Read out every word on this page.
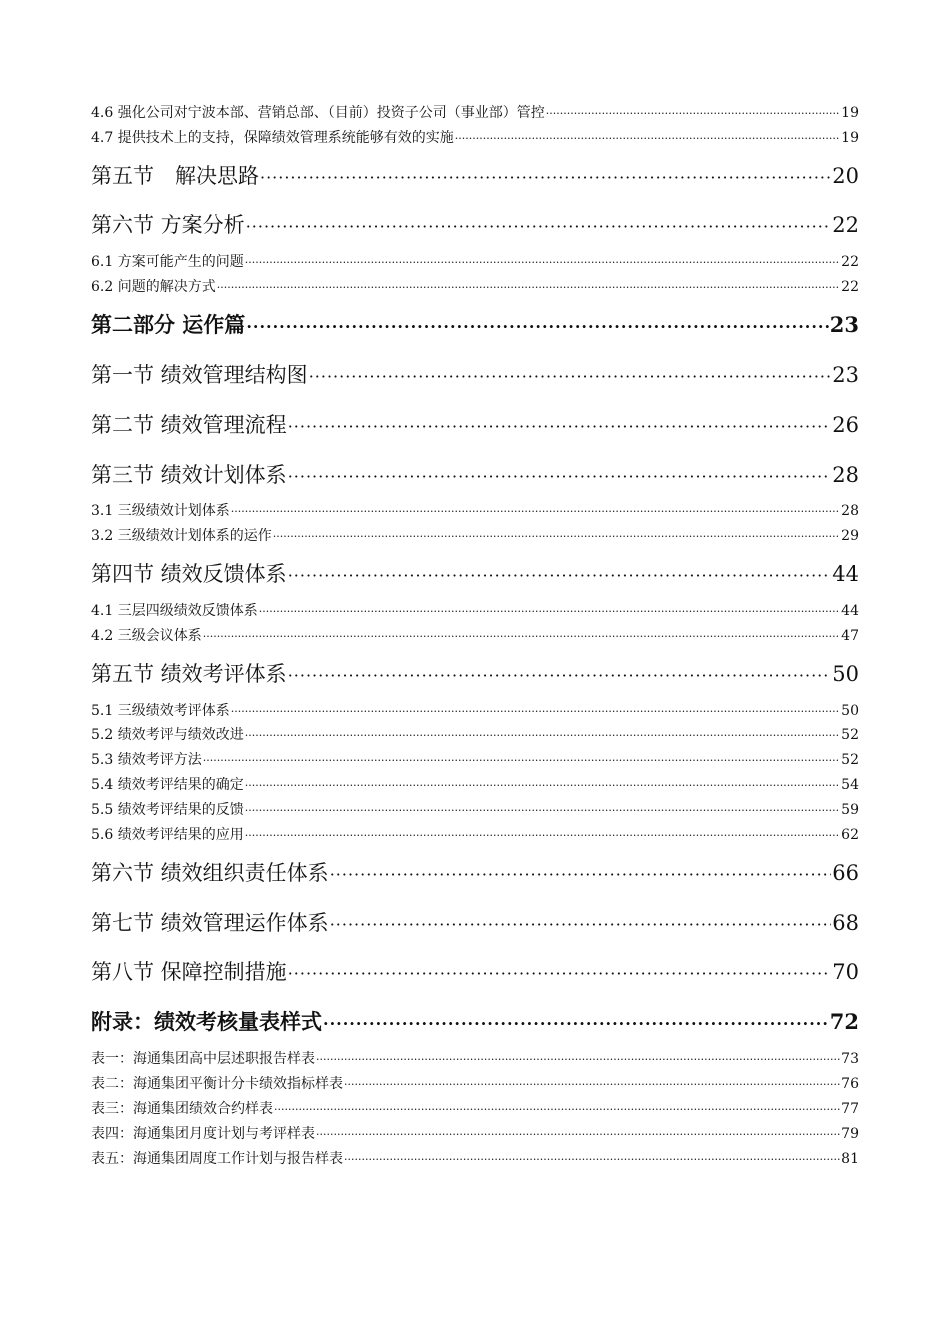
4.6 强化公司对宁波本部、营销总部、（目前）投资子公司（事业部）管控 ·····	19
4.7 提供技术上的支持，保障绩效管理系统能够有效的实施 ·····	19
第五节　解决思路 ·····	20
第六节 方案分析 ·····	22
6.1 方案可能产生的问题 ·····	22
6.2 问题的解决方式 ·····	22
第二部分 运作篇 ·····	23
第一节 绩效管理结构图 ·····	23
第二节 绩效管理流程 ·····	26
第三节 绩效计划体系 ·····	28
3.1 三级绩效计划体系 ·····	28
3.2 三级绩效计划体系的运作 ·····	29
第四节 绩效反馈体系 ·····	44
4.1 三层四级绩效反馈体系 ·····	44
4.2 三级会议体系 ·····	47
第五节 绩效考评体系 ·····	50
5.1 三级绩效考评体系 ·····	50
5.2 绩效考评与绩效改进 ·····	52
5.3 绩效考评方法 ·····	52
5.4 绩效考评结果的确定 ·····	54
5.5 绩效考评结果的反馈 ·····	59
5.6 绩效考评结果的应用 ·····	62
第六节 绩效组织责任体系 ·····	66
第七节 绩效管理运作体系 ·····	68
第八节 保障控制措施 ·····	70
附录：绩效考核量表样式 ·····	72
表一：海通集团高中层述职报告样表 ·····	73
表二：海通集团平衡计分卡绩效指标样表 ·····	76
表三：海通集团绩效合约样表 ·····	77
表四：海通集团月度计划与考评样表 ·····	79
表五：海通集团周度工作计划与报告样表 ·····	81
